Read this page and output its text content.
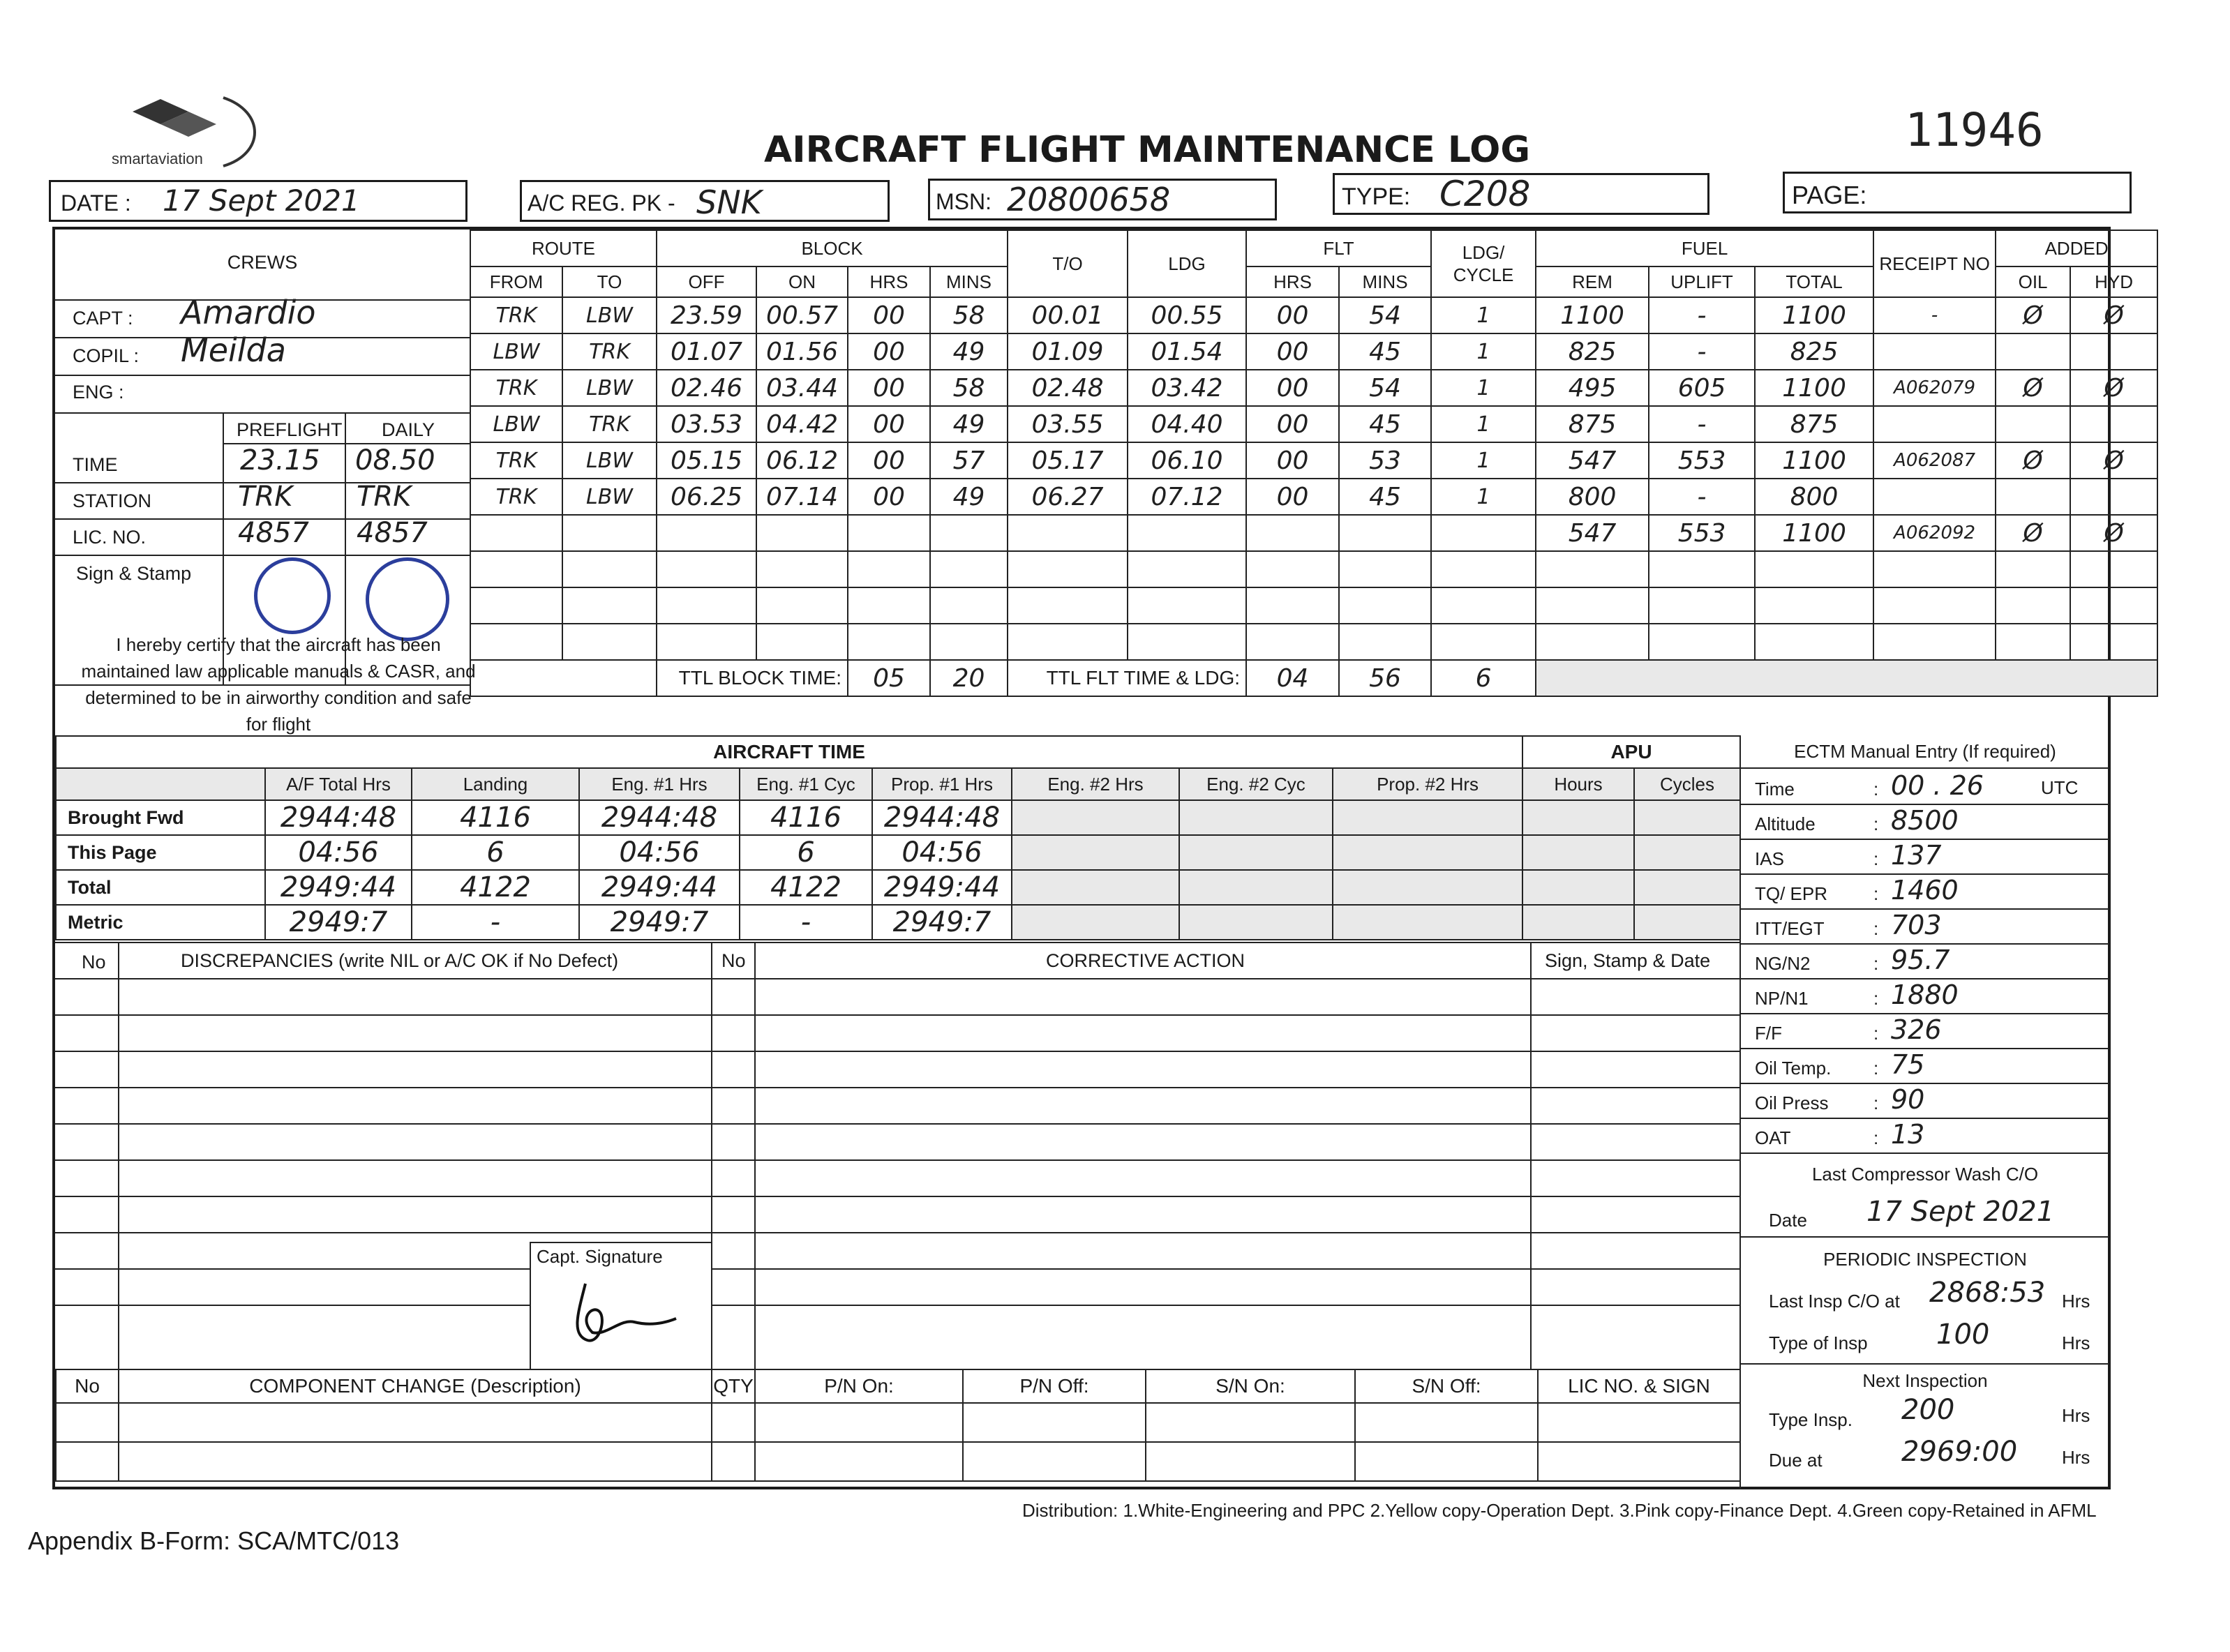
smartaviation	AIRCRAFT FLIGHT MAINTENANCE LOG	11946
DATE : 17 Sept 2021	A/C REG. PK - SNK	MSN: 20800658	TYPE: C208	PAGE:
CREWS
CAPT : Amardio
COPIL : Meilda
ENG :
PREFLIGHT DAILY
TIME	23.15 08.50
STATION	TRK TRK
LIC. NO.	4857 4857
Sign & Stamp
I hereby certify that the aircraft has been
maintained law applicable manuals & CASR, and
determined to be in airworthy condition and safe
for flight
ROUTE		BLOCK				T/O	LDG	FLT		LDG/ CYCLE	FUEL			RECEIPT NO	ADDED	
FROM	TO	OFF	ON	HRS	MINS			HRS	MINS		REM	UPLIFT	TOTAL		OIL	HYD
TRK	LBW	23.59	00.57	00	58	00.01	00.55	00	54	1	1100	-	1100	-	Ø	Ø
LBW	TRK	01.07	01.56	00	49	01.09	01.54	00	45	1	825	-	825			
TRK	LBW	02.46	03.44	00	58	02.48	03.42	00	54	1	495	605	1100	A062079	Ø	Ø
LBW	TRK	03.53	04.42	00	49	03.55	04.40	00	45	1	875	-	875			
TRK	LBW	05.15	06.12	00	57	05.17	06.10	00	53	1	547	553	1100	A062087	Ø	Ø
TRK	LBW	06.25	07.14	00	49	06.27	07.12	00	45	1	800	-	800			
											547	553	1100	A062092	Ø	Ø

		TTL BLOCK TIME:		05	20	TTL FLT TIME & LDG:		04	56	6						
AIRCRAFT TIME								
	A/F Total Hrs	Landing	Eng. #1 Hrs	Eng. #1 Cyc	Prop. #1 Hrs	Eng. #2 Hrs	Eng. #2 Cyc	Prop. #2 Hrs
Brought Fwd	2944:48	4116	2944:48	4116	2944:48			
This Page	04:56	6	04:56	6	04:56			
Total	2949:44	4122	2949:44	4122	2949:44			
Metric	2949:7	-	2949:7	-	2949:7			
APU	
Hours	Cycles

ECTM Manual Entry (If required)
Time	: 00 . 26	UTC
Altitude	: 8500
IAS	: 137
TQ/ EPR	: 1460
ITT/EGT	: 703
NG/N2	: 95.7
NP/N1	: 1880
F/F	: 326
Oil Temp. : 75
Oil Press : 90
OAT	: 13
Last Compressor Wash C/O
Date 17 Sept 2021
PERIODIC INSPECTION
Last Insp C/O at 2868:53 Hrs
Type of Insp 100	Hrs
Next Inspection
Type Insp. 200	Hrs
Due at	2969:00 Hrs
No	DISCREPANCIES (write NIL or A/C OK if No Defect)	No	CORRECTIVE ACTION	Sign, Stamp & Date
Capt. Signature
No	COMPONENT CHANGE (Description)	QTY	P/N On:	P/N Off:	S/N On:	S/N Off:	LIC NO. & SIGN

Distribution: 1.White-Engineering and PPC 2.Yellow copy-Operation Dept. 3.Pink copy-Finance Dept. 4.Green copy-Retained in AFML
Appendix B-Form: SCA/MTC/013
